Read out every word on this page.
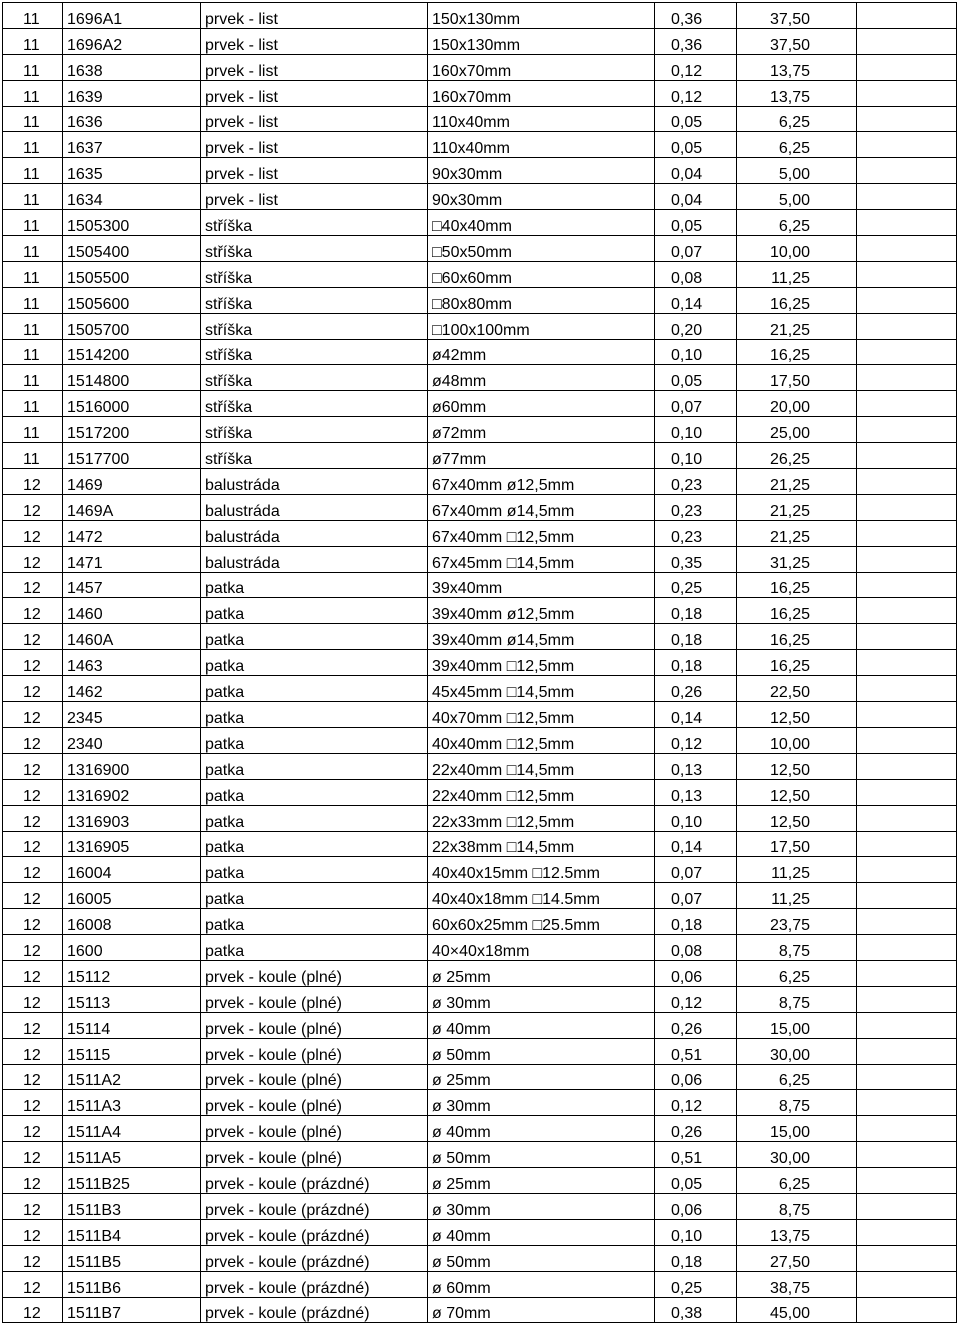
11	1696A1	prvek - list	150x130mm	0,36	37,50	
11	1696A2	prvek - list	150x130mm	0,36	37,50	
11	1638	prvek - list	160x70mm	0,12	13,75	
11	1639	prvek - list	160x70mm	0,12	13,75	
11	1636	prvek - list	110x40mm	0,05	6,25	
11	1637	prvek - list	110x40mm	0,05	6,25	
11	1635	prvek - list	90x30mm	0,04	5,00	
11	1634	prvek - list	90x30mm	0,04	5,00	
11	1505300	stříška	□40x40mm	0,05	6,25	
11	1505400	stříška	□50x50mm	0,07	10,00	
11	1505500	stříška	□60x60mm	0,08	11,25	
11	1505600	stříška	□80x80mm	0,14	16,25	
11	1505700	stříška	□100x100mm	0,20	21,25	
11	1514200	stříška	ø42mm	0,10	16,25	
11	1514800	stříška	ø48mm	0,05	17,50	
11	1516000	stříška	ø60mm	0,07	20,00	
11	1517200	stříška	ø72mm	0,10	25,00	
11	1517700	stříška	ø77mm	0,10	26,25	
12	1469	balustráda	67x40mm ø12,5mm	0,23	21,25	
12	1469A	balustráda	67x40mm ø14,5mm	0,23	21,25	
12	1472	balustráda	67x40mm □12,5mm	0,23	21,25	
12	1471	balustráda	67x45mm □14,5mm	0,35	31,25	
12	1457	patka	39x40mm	0,25	16,25	
12	1460	patka	39x40mm ø12,5mm	0,18	16,25	
12	1460A	patka	39x40mm ø14,5mm	0,18	16,25	
12	1463	patka	39x40mm □12,5mm	0,18	16,25	
12	1462	patka	45x45mm □14,5mm	0,26	22,50	
12	2345	patka	40x70mm □12,5mm	0,14	12,50	
12	2340	patka	40x40mm □12,5mm	0,12	10,00	
12	1316900	patka	22x40mm □14,5mm	0,13	12,50	
12	1316902	patka	22x40mm □12,5mm	0,13	12,50	
12	1316903	patka	22x33mm □12,5mm	0,10	12,50	
12	1316905	patka	22x38mm □14,5mm	0,14	17,50	
12	16004	patka	40x40x15mm □12.5mm	0,07	11,25	
12	16005	patka	40x40x18mm □14.5mm	0,07	11,25	
12	16008	patka	60x60x25mm □25.5mm	0,18	23,75	
12	1600	patka	40×40x18mm	0,08	8,75	
12	15112	prvek - koule (plné)	ø 25mm	0,06	6,25	
12	15113	prvek - koule (plné)	ø 30mm	0,12	8,75	
12	15114	prvek - koule (plné)	ø 40mm	0,26	15,00	
12	15115	prvek - koule (plné)	ø 50mm	0,51	30,00	
12	1511A2	prvek - koule (plné)	ø 25mm	0,06	6,25	
12	1511A3	prvek - koule (plné)	ø 30mm	0,12	8,75	
12	1511A4	prvek - koule (plné)	ø 40mm	0,26	15,00	
12	1511A5	prvek - koule (plné)	ø 50mm	0,51	30,00	
12	1511B25	prvek - koule (prázdné)	ø 25mm	0,05	6,25	
12	1511B3	prvek - koule (prázdné)	ø 30mm	0,06	8,75	
12	1511B4	prvek - koule (prázdné)	ø 40mm	0,10	13,75	
12	1511B5	prvek - koule (prázdné)	ø 50mm	0,18	27,50	
12	1511B6	prvek - koule (prázdné)	ø 60mm	0,25	38,75	
12	1511B7	prvek - koule (prázdné)	ø 70mm	0,38	45,00	
